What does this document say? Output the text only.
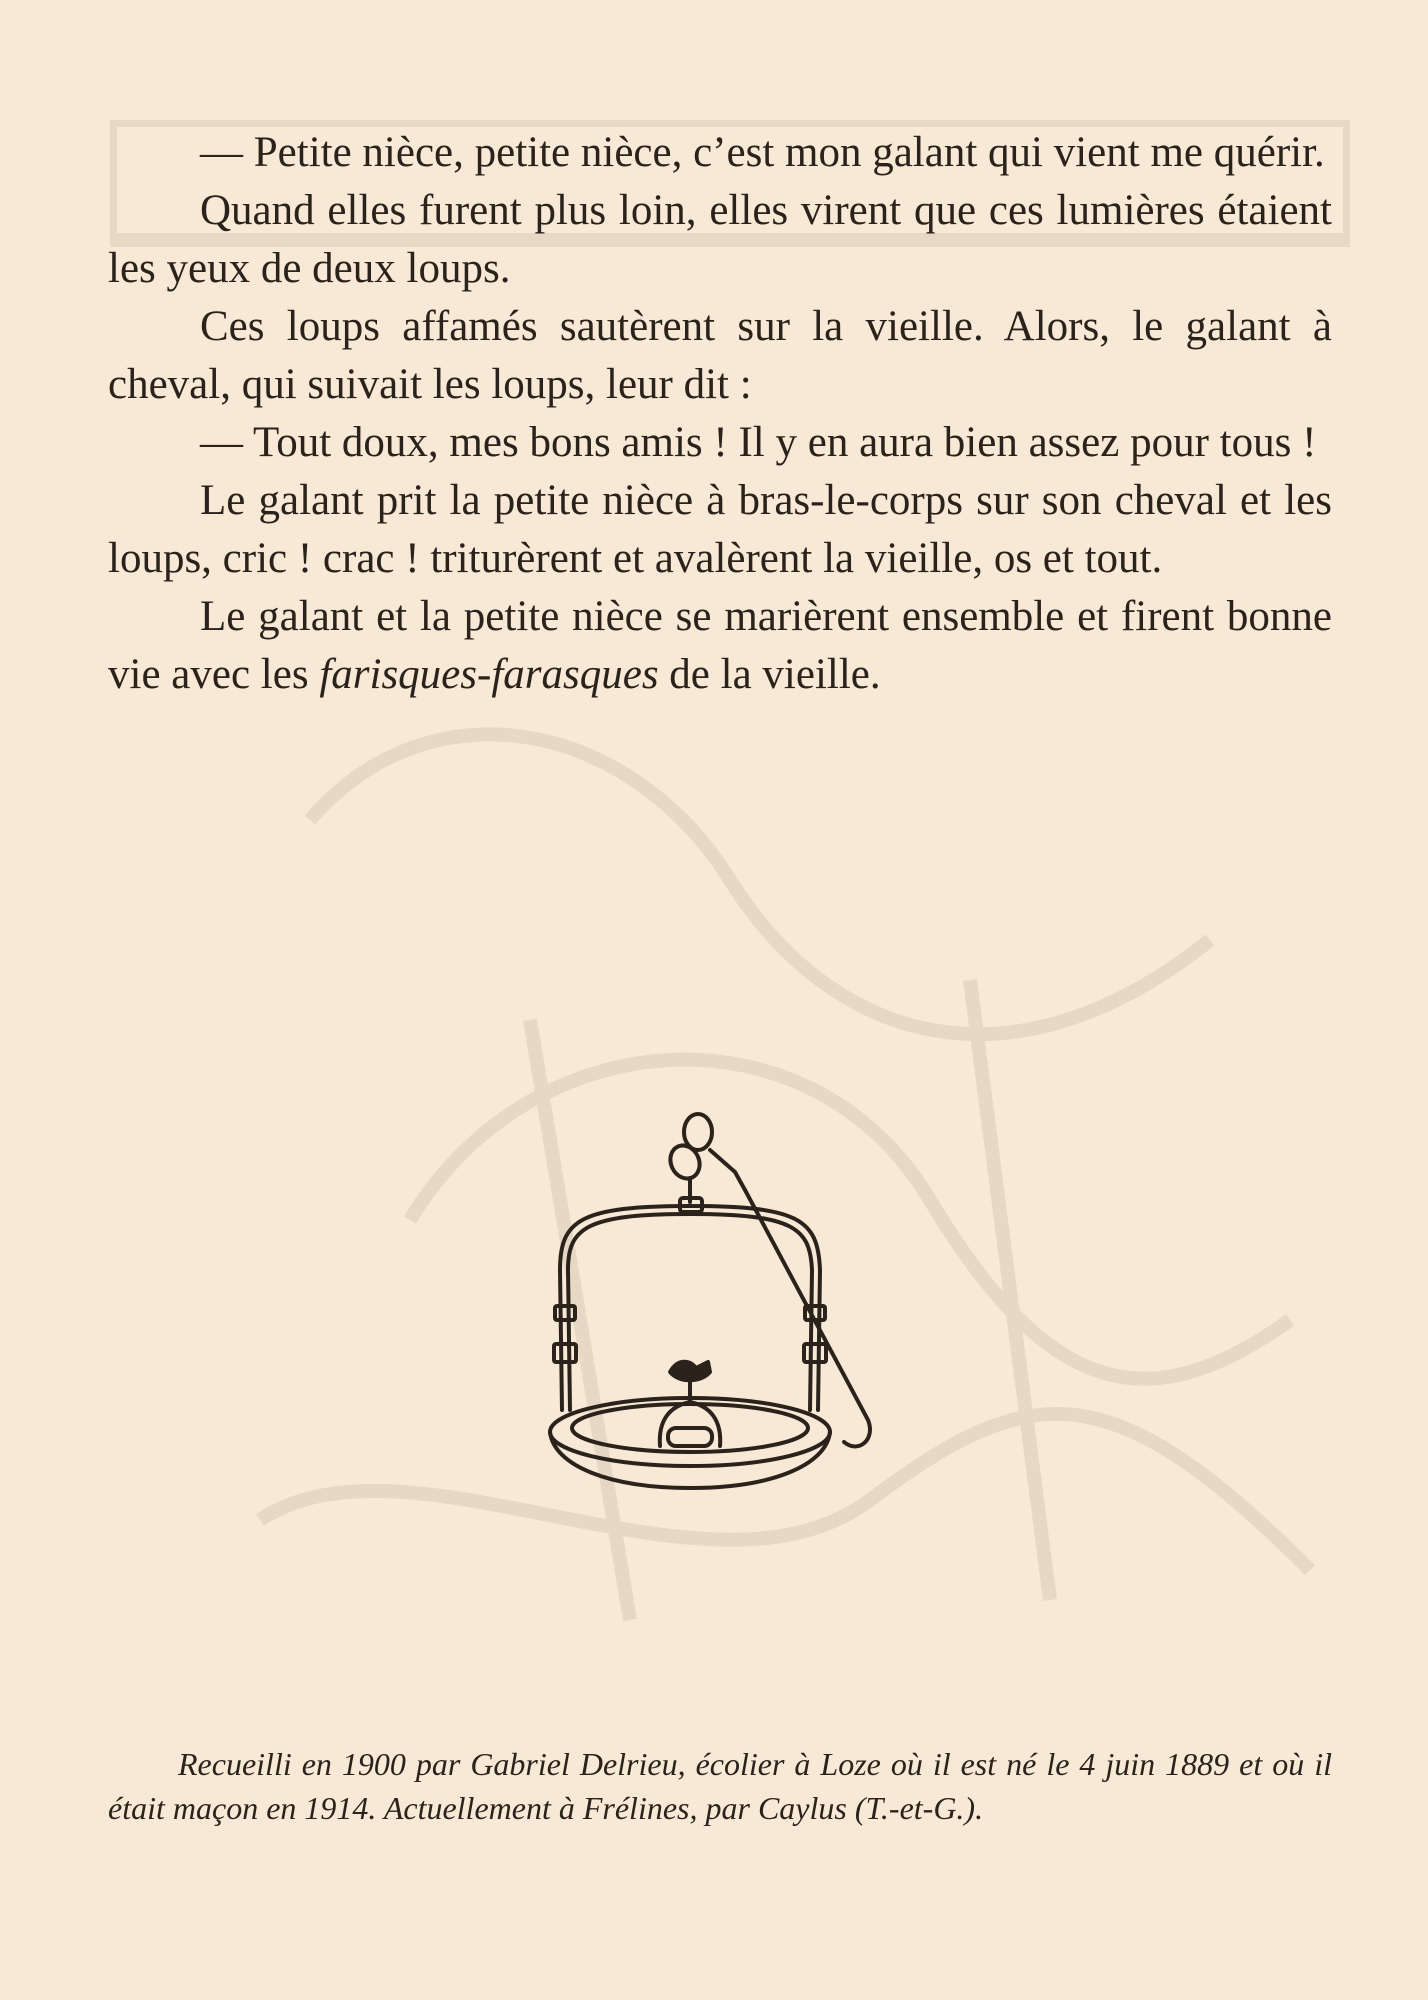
— Petite nièce, petite nièce, c’est mon galant qui vient me quérir.

Quand elles furent plus loin, elles virent que ces lumières étaient les yeux de deux loups.

Ces loups affamés sautèrent sur la vieille. Alors, le galant à cheval, qui suivait les loups, leur dit :

— Tout doux, mes bons amis ! Il y en aura bien assez pour tous !

Le galant prit la petite nièce à bras-le-corps sur son cheval et les loups, cric ! crac ! triturèrent et avalèrent la vieille, os et tout.

Le galant et la petite nièce se marièrent ensemble et firent bonne vie avec les farisques-farasques de la vieille.

Recueilli en 1900 par Gabriel Delrieu, écolier à Loze où il est né le 4 juin 1889 et où il était maçon en 1914. Actuellement à Frélines, par Caylus (T.-et-G.).
